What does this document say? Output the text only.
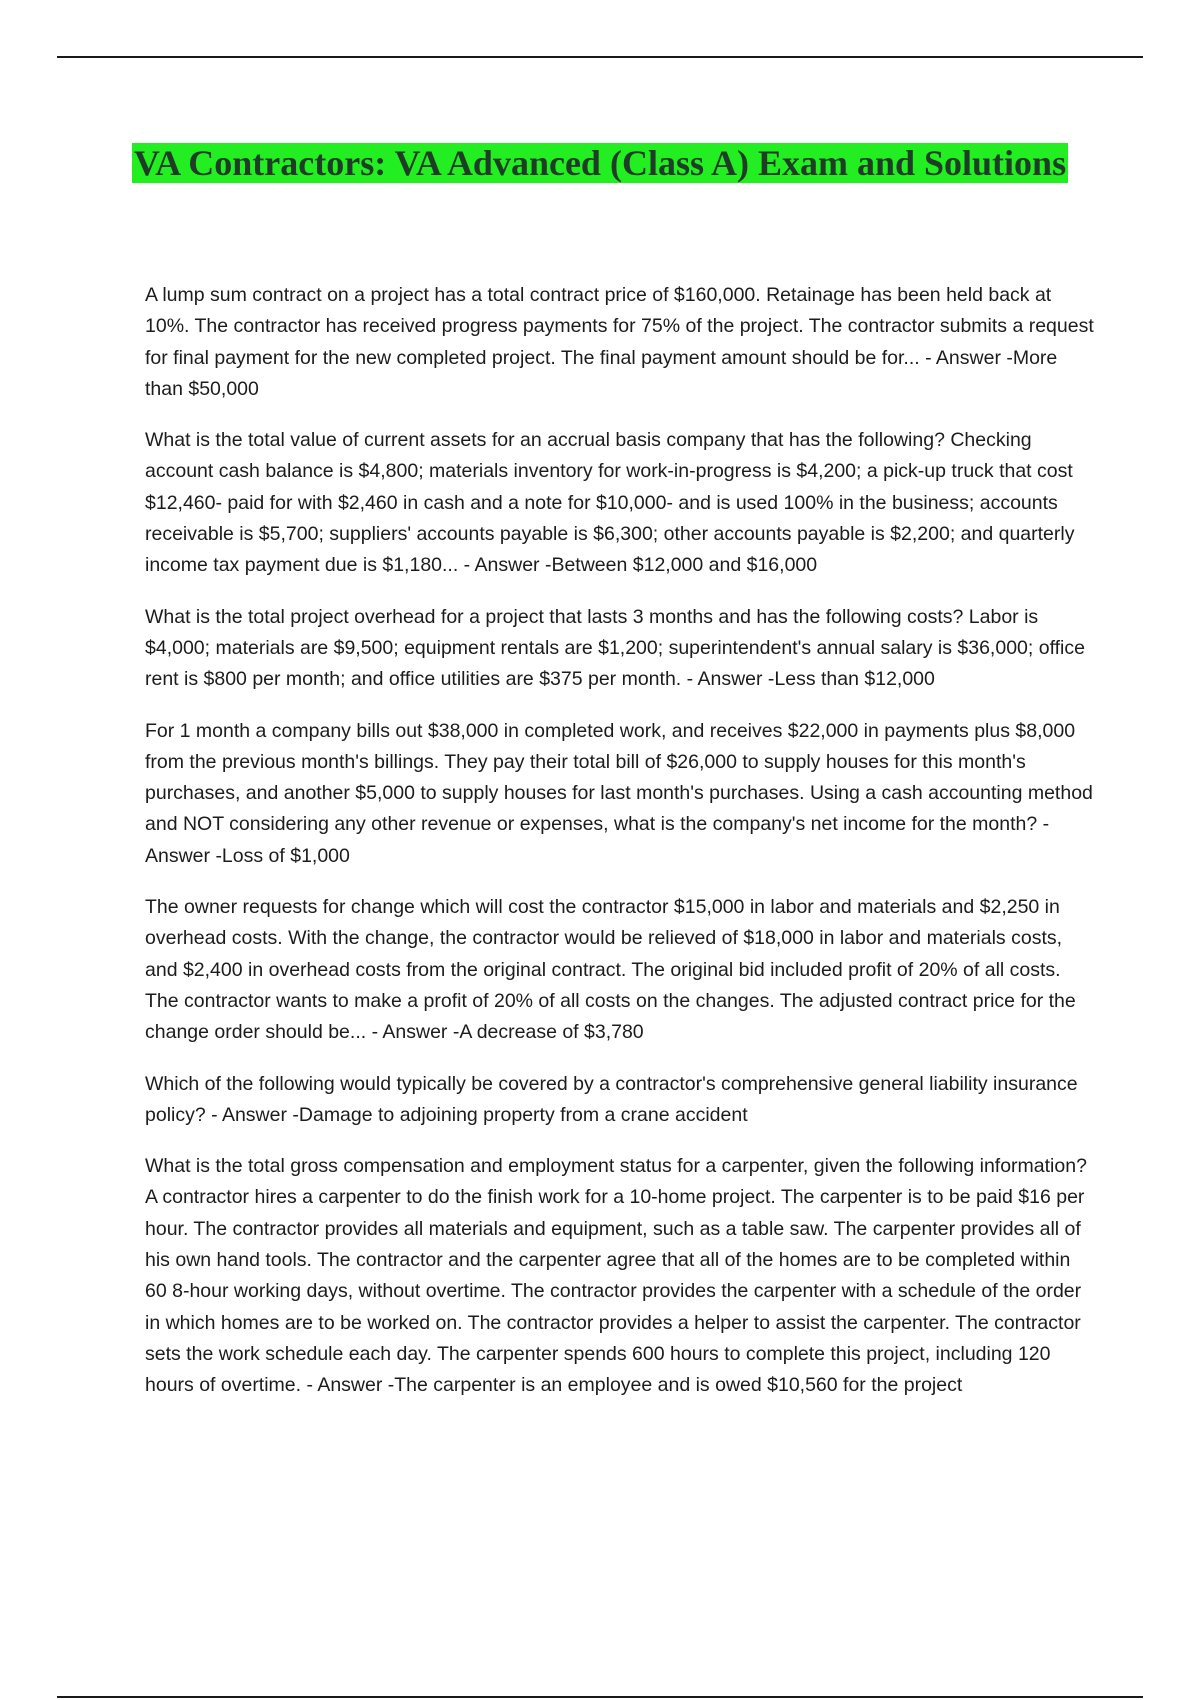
VA Contractors: VA Advanced (Class A) Exam and Solutions

A lump sum contract on a project has a total contract price of $160,000. Retainage has been held back at 10%. The contractor has received progress payments for 75% of the project. The contractor submits a request for final payment for the new completed project. The final payment amount should be for... - Answer -More than $50,000

What is the total value of current assets for an accrual basis company that has the following? Checking account cash balance is $4,800; materials inventory for work-in-progress is $4,200; a pick-up truck that cost $12,460- paid for with $2,460 in cash and a note for $10,000- and is used 100% in the business; accounts receivable is $5,700; suppliers' accounts payable is $6,300; other accounts payable is $2,200; and quarterly income tax payment due is $1,180... - Answer -Between $12,000 and $16,000

What is the total project overhead for a project that lasts 3 months and has the following costs? Labor is $4,000; materials are $9,500; equipment rentals are $1,200; superintendent's annual salary is $36,000; office rent is $800 per month; and office utilities are $375 per month. - Answer -Less than $12,000

For 1 month a company bills out $38,000 in completed work, and receives $22,000 in payments plus $8,000 from the previous month's billings. They pay their total bill of $26,000 to supply houses for this month's purchases, and another $5,000 to supply houses for last month's purchases. Using a cash accounting method and NOT considering any other revenue or expenses, what is the company's net income for the month? - Answer -Loss of $1,000

The owner requests for change which will cost the contractor $15,000 in labor and materials and $2,250 in overhead costs. With the change, the contractor would be relieved of $18,000 in labor and materials costs, and $2,400 in overhead costs from the original contract. The original bid included profit of 20% of all costs. The contractor wants to make a profit of 20% of all costs on the changes. The adjusted contract price for the change order should be... - Answer -A decrease of $3,780

Which of the following would typically be covered by a contractor's comprehensive general liability insurance policy? - Answer -Damage to adjoining property from a crane accident

What is the total gross compensation and employment status for a carpenter, given the following information? A contractor hires a carpenter to do the finish work for a 10-home project. The carpenter is to be paid $16 per hour. The contractor provides all materials and equipment, such as a table saw. The carpenter provides all of his own hand tools. The contractor and the carpenter agree that all of the homes are to be completed within 60 8-hour working days, without overtime. The contractor provides the carpenter with a schedule of the order in which homes are to be worked on. The contractor provides a helper to assist the carpenter. The contractor sets the work schedule each day. The carpenter spends 600 hours to complete this project, including 120 hours of overtime. - Answer -The carpenter is an employee and is owed $10,560 for the project
